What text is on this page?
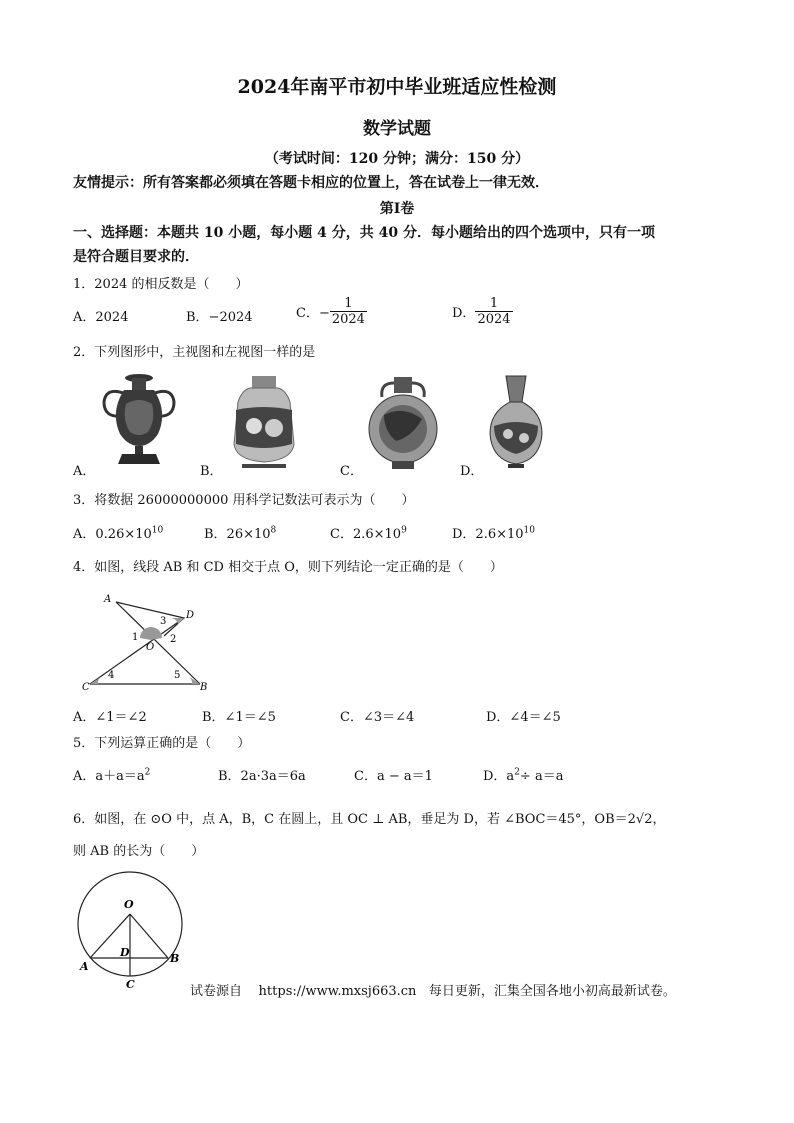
2024年南平市初中毕业班适应性检测
数学试题
（考试时间：120 分钟；满分：150 分）
友情提示：所有答案都必须填在答题卡相应的位置上，答在试卷上一律无效．
第Ⅰ卷
一、选择题：本题共 10 小题，每小题 4 分，共 40 分．每小题给出的四个选项中，只有一项
是符合题目要求的．
1．2024 的相反数是（　　）
A．2024	B．−2024	C．− $\frac{1}{2024}$	D． $\frac{1}{2024}$
2．下列图形中，主视图和左视图一样的是
A．	B．	C．	D．
3．将数据 26000000000 用科学记数法可表示为（　　）
A．$0.26\times 10^{10}$	B．$26\times 10^8$	C．$2.6\times 10^9$	D．$2.6\times 10^{10}$
4．如图，线段 AB 和 CD 相交于点 O，则下列结论一定正确的是（　　）
A
D
C	B
O
1	2
3
4	5
A．∠1＝∠2	B．∠1＝∠5	C．∠3＝∠4	D．∠4＝∠5
5．下列运算正确的是（　　）
A．$a+a=a^2$	B．2a·3a＝6a	C．a − a＝1	D．$a^2\div a=a$
6．如图，在 ⊙O 中，点 A，B，C 在圆上，且 OC ⊥ AB，垂足为 D，若 ∠BOC＝45°，OB＝2√2，
则 AB 的长为（　　）
O
A
B
C
D
试卷源自 https://www.mxsj663.cn 每日更新，汇集全国各地小初高最新试卷。
